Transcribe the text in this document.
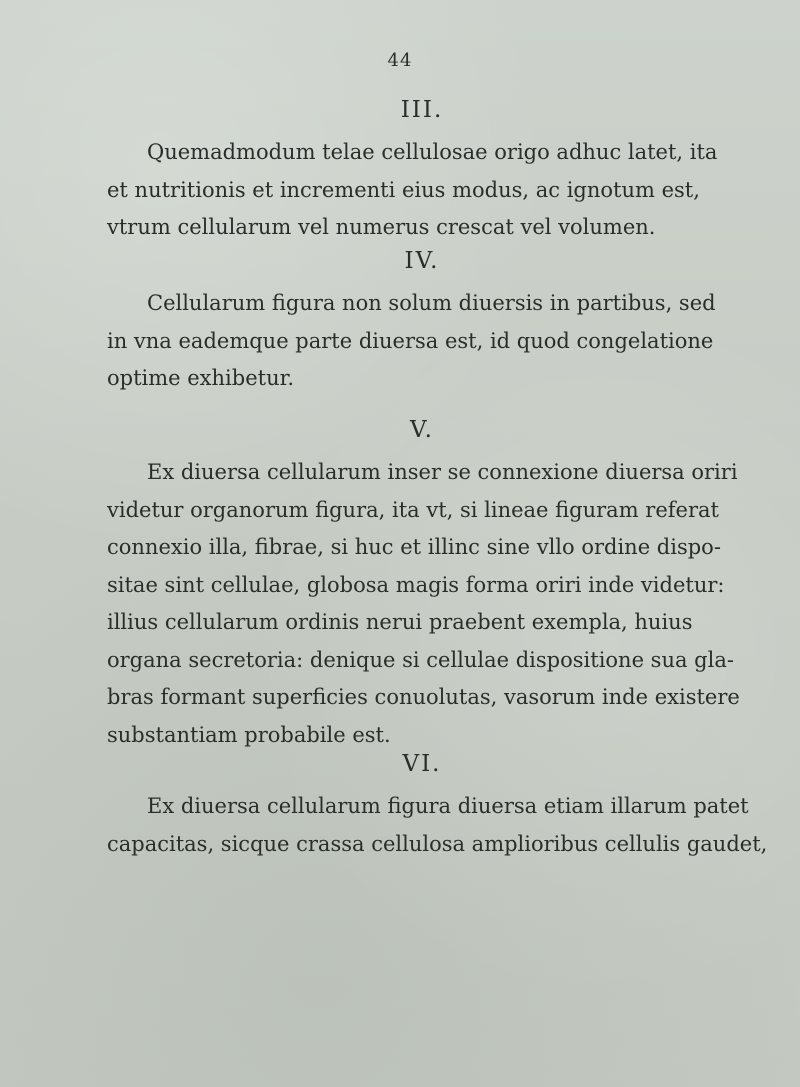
44
III.

Quemadmodum telae cellulosae origo adhuc latet, ita
et nutritionis et incrementi eius modus, ac ignotum est,
vtrum cellularum vel numerus crescat vel volumen.

IV.

Cellularum figura non solum diuersis in partibus, sed
in vna eademque parte diuersa est, id quod congelatione
optime exhibetur.

V.

Ex diuersa cellularum inser se connexione diuersa oriri
videtur organorum figura, ita vt, si lineae figuram referat
connexio illa, fibrae, si huc et illinc sine vllo ordine dispo-
sitae sint cellulae, globosa magis forma oriri inde videtur:
illius cellularum ordinis nerui praebent exempla, huius
organa secretoria: denique si cellulae dispositione sua gla-
bras formant superficies conuolutas, vasorum inde existere
substantiam probabile est.

VI.

Ex diuersa cellularum figura diuersa etiam illarum patet
capacitas, sicque crassa cellulosa amplioribus cellulis gaudet,
